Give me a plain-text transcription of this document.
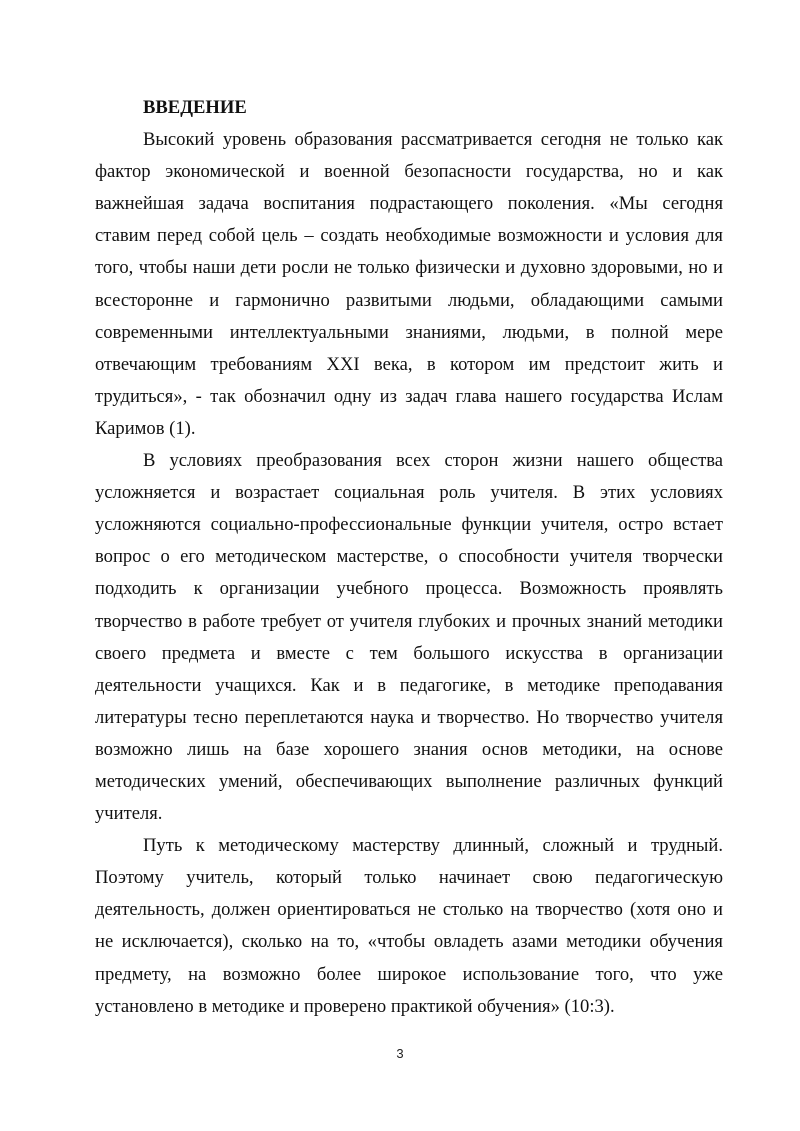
ВВЕДЕНИЕ

Высокий уровень образования рассматривается сегодня не только как фактор экономической и военной безопасности государства, но и как важнейшая задача воспитания подрастающего поколения. «Мы сегодня ставим перед собой цель – создать необходимые возможности и условия для того, чтобы наши дети росли не только физически и духовно здоровыми, но и всесторонне и гармонично развитыми людьми, обладающими самыми современными интеллектуальными знаниями, людьми, в полной мере отвечающим требованиям XXI века, в котором им предстоит жить и трудиться», - так обозначил одну из задач глава нашего государства Ислам Каримов (1).

В условиях преобразования всех сторон жизни нашего общества усложняется и возрастает социальная роль учителя. В этих условиях усложняются социально-профессиональные функции учителя, остро встает вопрос о его методическом мастерстве, о способности учителя творчески подходить к организации учебного процесса. Возможность проявлять творчество в работе требует от учителя глубоких и прочных знаний методики своего предмета и вместе с тем большого искусства в организации деятельности учащихся. Как и в педагогике, в методике преподавания литературы тесно переплетаются наука и творчество. Но творчество учителя возможно лишь на базе хорошего знания основ методики, на основе методических умений, обеспечивающих выполнение различных функций учителя.

Путь к методическому мастерству длинный, сложный и трудный. Поэтому учитель, который только начинает свою педагогическую деятельность, должен ориентироваться не столько на творчество (хотя оно и не исключается), сколько на то, «чтобы овладеть азами методики обучения предмету, на возможно более широкое использование того, что уже установлено в методике и проверено практикой обучения» (10:3).

3
